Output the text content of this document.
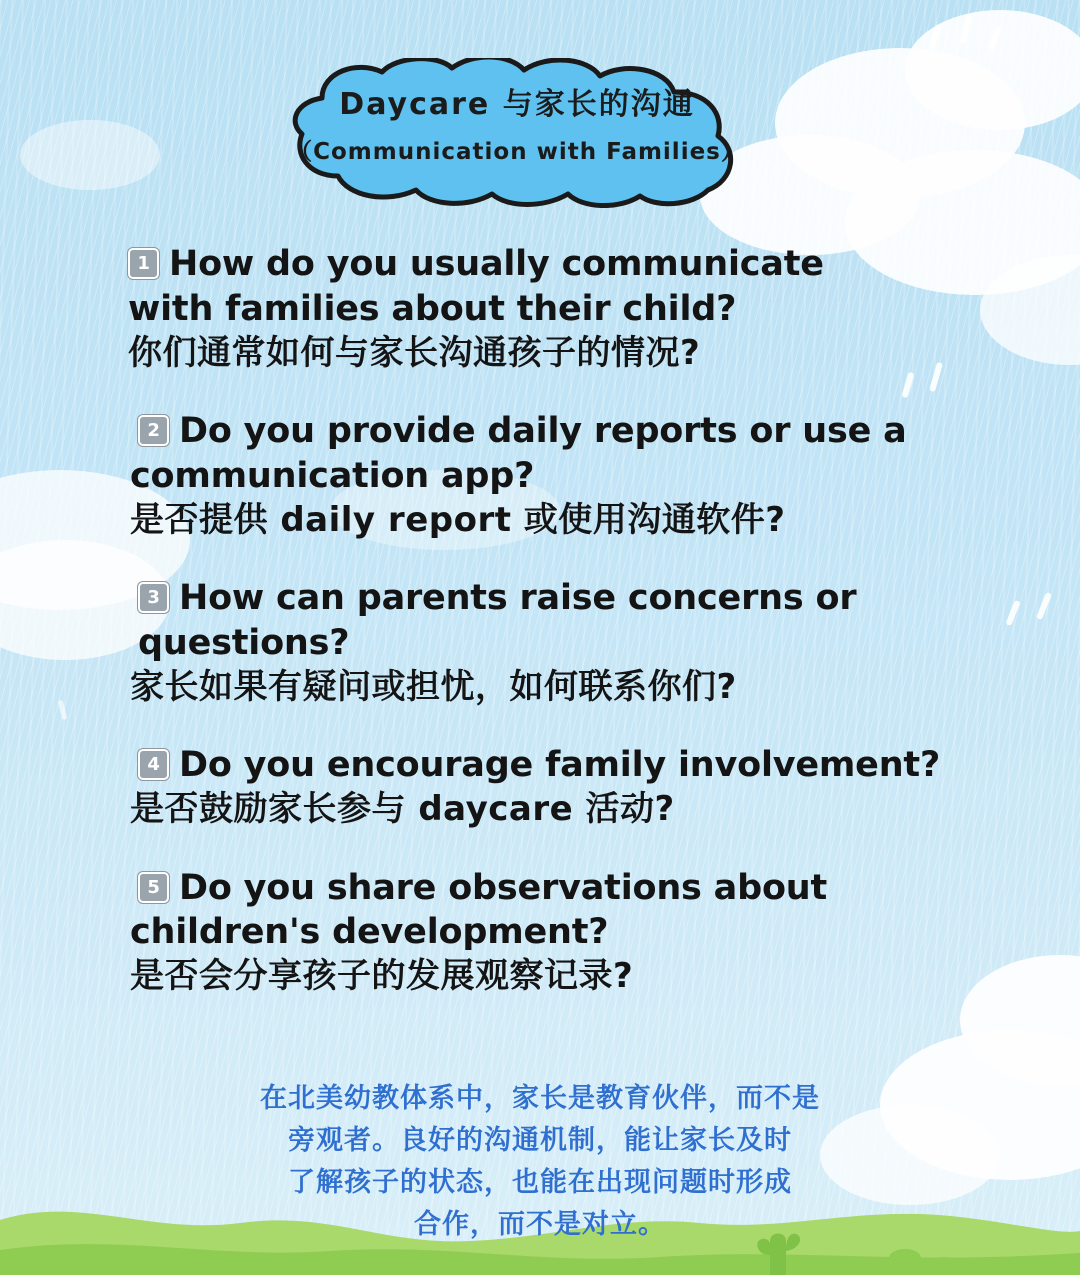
Daycare 与家长的沟通
（Communication with Families）
1 How do you usually communicate
with families about their child?
你们通常如何与家长沟通孩子的情况?
2 Do you provide daily reports or use a
communication app?
是否提供 daily report 或使用沟通软件?
3 How can parents raise concerns or questions?
家长如果有疑问或担忧，如何联系你们?
4 Do you encourage family involvement?
是否鼓励家长参与 daycare 活动?
5 Do you share observations about
children's development?
是否会分享孩子的发展观察记录?
在北美幼教体系中，家长是教育伙伴，而不是
旁观者。良好的沟通机制，能让家长及时
了解孩子的状态，也能在出现问题时形成
合作，而不是对立。
